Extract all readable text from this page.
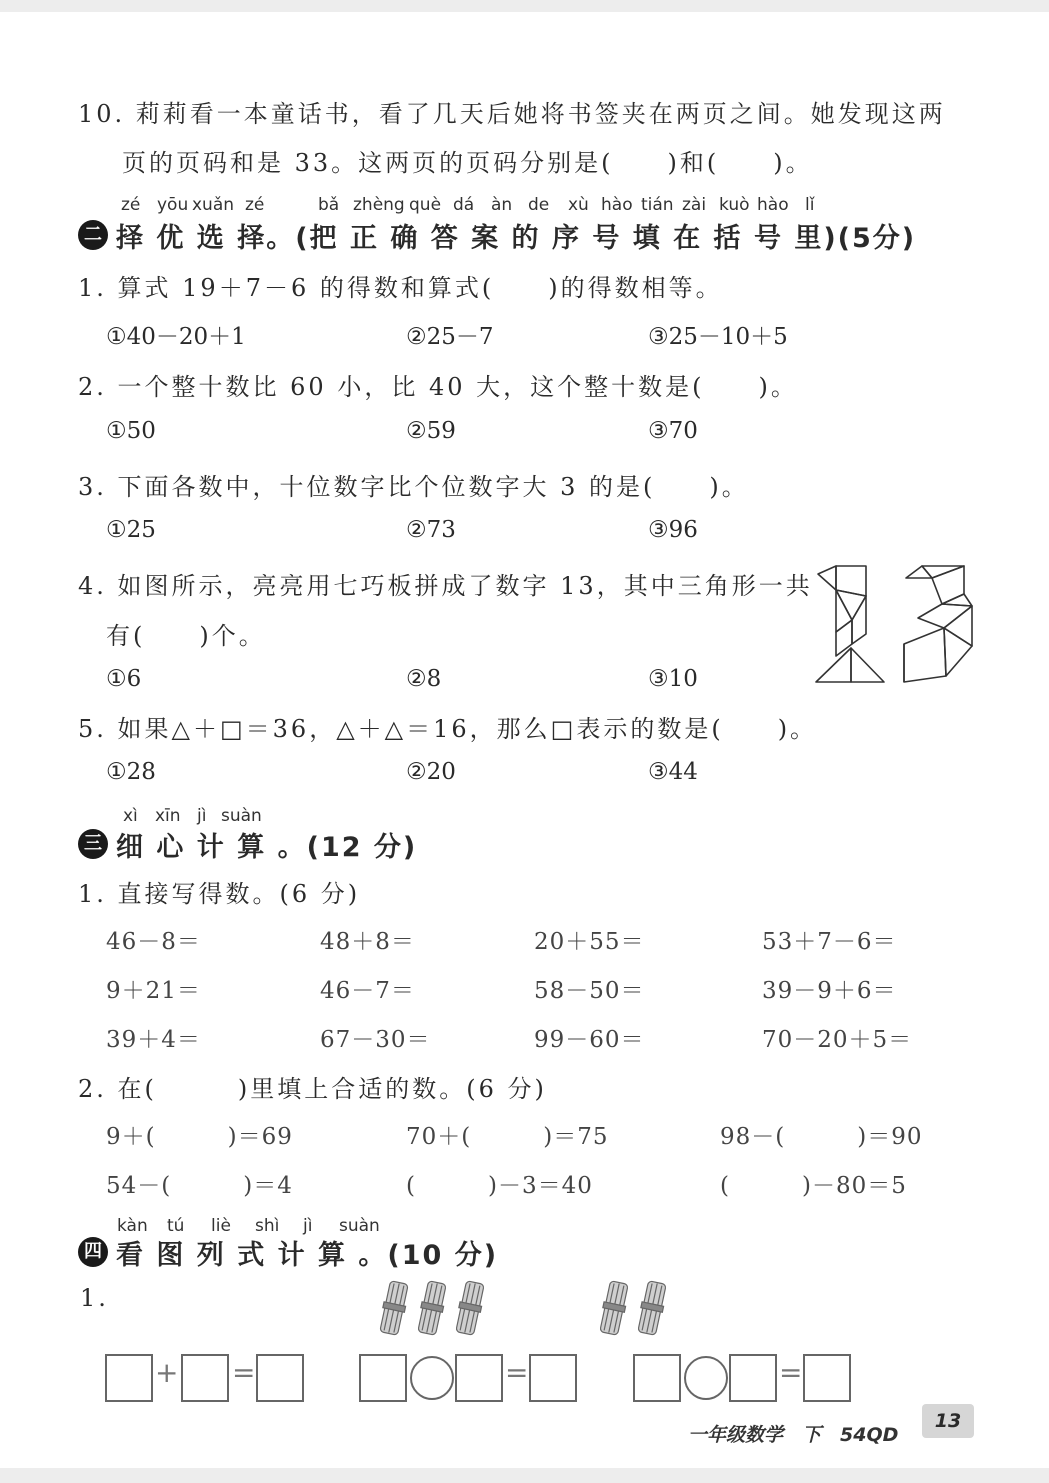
10. 莉莉看一本童话书，看了几天后她将书签夹在两页之间。她发现这两
页的页码和是 33。这两页的页码分别是(　　)和(　　)。
zé yōu xuǎn zé	bǎ zhèng què dá àn de xù hào tián zài kuò hào lǐ
二 择 优 选 择。(把 正 确 答 案 的 序 号 填 在 括 号 里)(5分)
1. 算式 19＋7－6 的得数和算式(　　)的得数相等。
①40－20＋1	②25－7	③25－10＋5
2. 一个整十数比 60 小，比 40 大，这个整十数是(　　)。
①50	②59	③70
3. 下面各数中，十位数字比个位数字大 3 的是(　　)。
①25	②73	③96
4. 如图所示，亮亮用七巧板拼成了数字 13，其中三角形一共
有(　　)个。
①6	②8	③10
5. 如果△＋□＝36，△＋△＝16，那么□表示的数是(　　)。
①28	②20	③44
xì xīn jì suàn
三 细 心 计 算 。(12 分)
1. 直接写得数。(6 分)
46－8＝	48＋8＝	20＋55＝	53＋7－6＝
9＋21＝	46－7＝	58－50＝	39－9＋6＝
39＋4＝	67－30＝	99－60＝	70－20＋5＝
2. 在(　　　)里填上合适的数。(6 分)
9＋(　　　)＝69	70＋(　　　)＝75	98－(　　　)＝90
54－(　　　)＝4	(　　　)－3＝40	(　　　)－80＝5
kàn tú liè shì jì suàn
四 看 图 列 式 计 算 。(10 分)
1.
+ =	=	=
一年级数学　下　54QD
13
